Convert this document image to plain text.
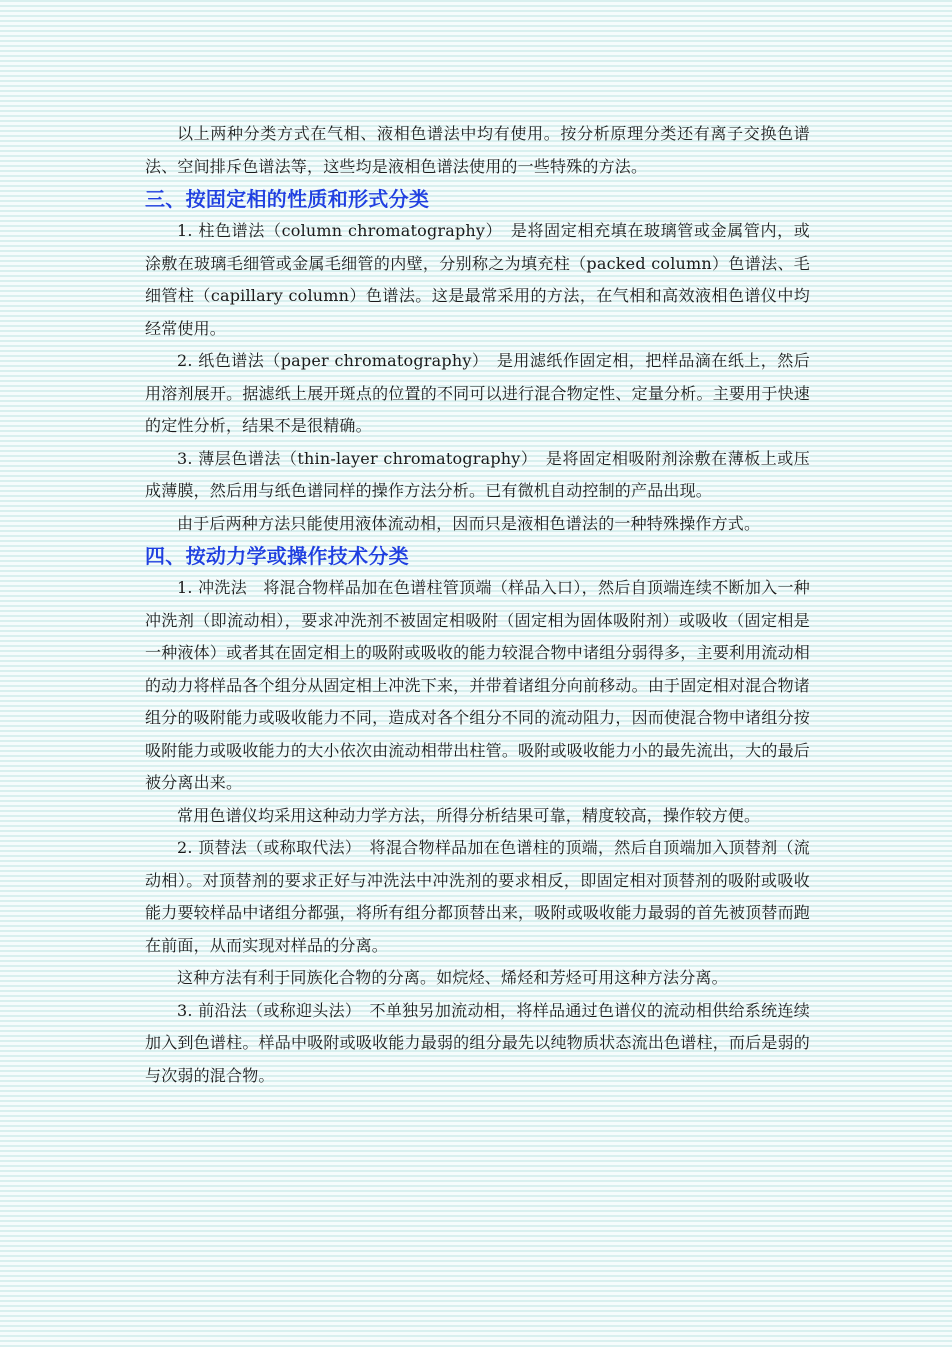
以上两种分类方式在气相、液相色谱法中均有使用。按分析原理分类还有离子交换色谱法、空间排斥色谱法等，这些均是液相色谱法使用的一些特殊的方法。

三、按固定相的性质和形式分类

1. 柱色谱法（column chromatography）　是将固定相充填在玻璃管或金属管内，或涂敷在玻璃毛细管或金属毛细管的内壁，分别称之为填充柱（packed column）色谱法、毛细管柱（capillary column）色谱法。这是最常采用的方法，在气相和高效液相色谱仪中均经常使用。

2. 纸色谱法（paper chromatography）　是用滤纸作固定相，把样品滴在纸上，然后用溶剂展开。据滤纸上展开斑点的位置的不同可以进行混合物定性、定量分析。主要用于快速的定性分析，结果不是很精确。

3. 薄层色谱法（thin-layer chromatography）　是将固定相吸附剂涂敷在薄板上或压成薄膜，然后用与纸色谱同样的操作方法分析。已有微机自动控制的产品出现。

由于后两种方法只能使用液体流动相，因而只是液相色谱法的一种特殊操作方式。

四、按动力学或操作技术分类

1. 冲洗法　将混合物样品加在色谱柱管顶端（样品入口），然后自顶端连续不断加入一种冲洗剂（即流动相），要求冲洗剂不被固定相吸附（固定相为固体吸附剂）或吸收（固定相是一种液体）或者其在固定相上的吸附或吸收的能力较混合物中诸组分弱得多，主要利用流动相的动力将样品各个组分从固定相上冲洗下来，并带着诸组分向前移动。由于固定相对混合物诸组分的吸附能力或吸收能力不同，造成对各个组分不同的流动阻力，因而使混合物中诸组分按吸附能力或吸收能力的大小依次由流动相带出柱管。吸附或吸收能力小的最先流出，大的最后被分离出来。

常用色谱仪均采用这种动力学方法，所得分析结果可靠，精度较高，操作较方便。

2. 顶替法（或称取代法）　将混合物样品加在色谱柱的顶端，然后自顶端加入顶替剂（流动相）。对顶替剂的要求正好与冲洗法中冲洗剂的要求相反，即固定相对顶替剂的吸附或吸收能力要较样品中诸组分都强，将所有组分都顶替出来，吸附或吸收能力最弱的首先被顶替而跑在前面，从而实现对样品的分离。

这种方法有利于同族化合物的分离。如烷烃、烯烃和芳烃可用这种方法分离。

3. 前沿法（或称迎头法）　不单独另加流动相，将样品通过色谱仪的流动相供给系统连续加入到色谱柱。样品中吸附或吸收能力最弱的组分最先以纯物质状态流出色谱柱，而后是弱的与次弱的混合物。
